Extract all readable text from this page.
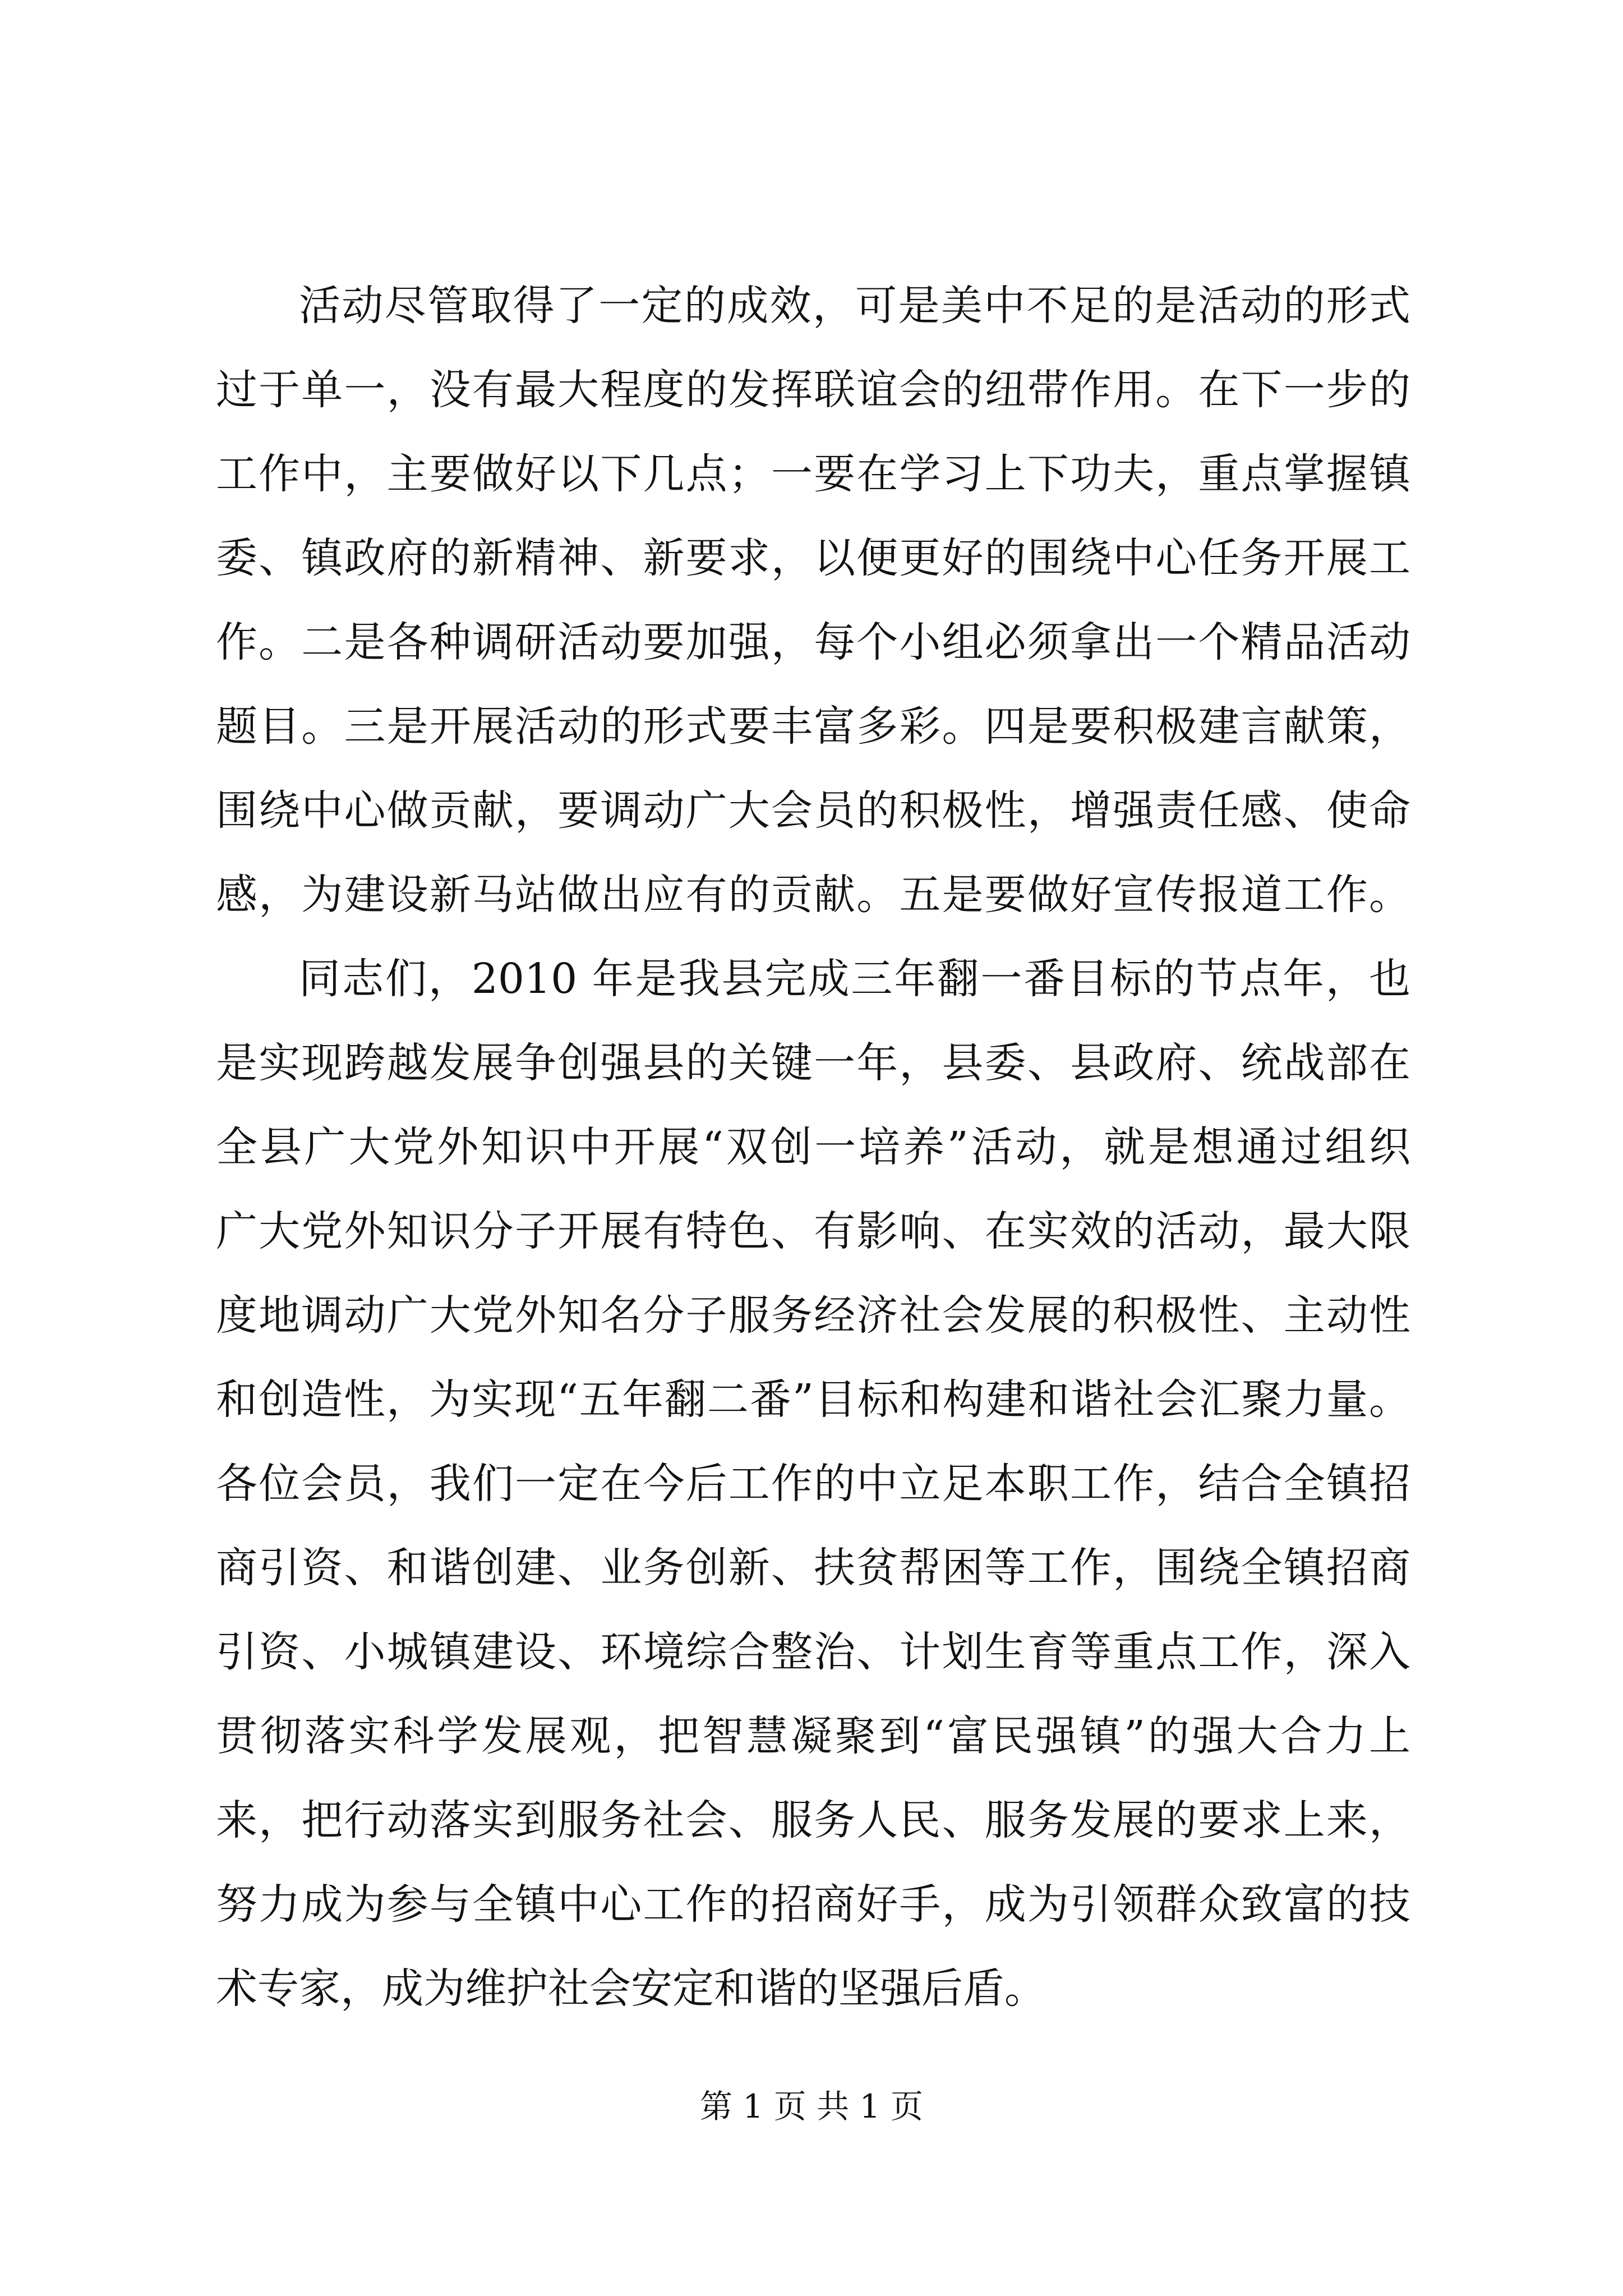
活动尽管取得了一定的成效，可是美中不足的是活动的形式
过于单一，没有最大程度的发挥联谊会的纽带作用。在下一步的
工作中，主要做好以下几点；一要在学习上下功夫，重点掌握镇
委、镇政府的新精神、新要求，以便更好的围绕中心任务开展工
作。二是各种调研活动要加强，每个小组必须拿出一个精品活动
题目。三是开展活动的形式要丰富多彩。四是要积极建言献策，
围绕中心做贡献，要调动广大会员的积极性，增强责任感、使命
感，为建设新马站做出应有的贡献。五是要做好宣传报道工作。
同志们，2010 年是我县完成三年翻一番目标的节点年，也
是实现跨越发展争创强县的关键一年，县委、县政府、统战部在
全县广大党外知识中开展“双创一培养”活动，就是想通过组织
广大党外知识分子开展有特色、有影响、在实效的活动，最大限
度地调动广大党外知名分子服务经济社会发展的积极性、主动性
和创造性，为实现“五年翻二番”目标和构建和谐社会汇聚力量。
各位会员，我们一定在今后工作的中立足本职工作，结合全镇招
商引资、和谐创建、业务创新、扶贫帮困等工作，围绕全镇招商
引资、小城镇建设、环境综合整治、计划生育等重点工作，深入
贯彻落实科学发展观，把智慧凝聚到“富民强镇”的强大合力上
来，把行动落实到服务社会、服务人民、服务发展的要求上来，
努力成为参与全镇中心工作的招商好手，成为引领群众致富的技
术专家，成为维护社会安定和谐的坚强后盾。
第 1 页 共 1 页
